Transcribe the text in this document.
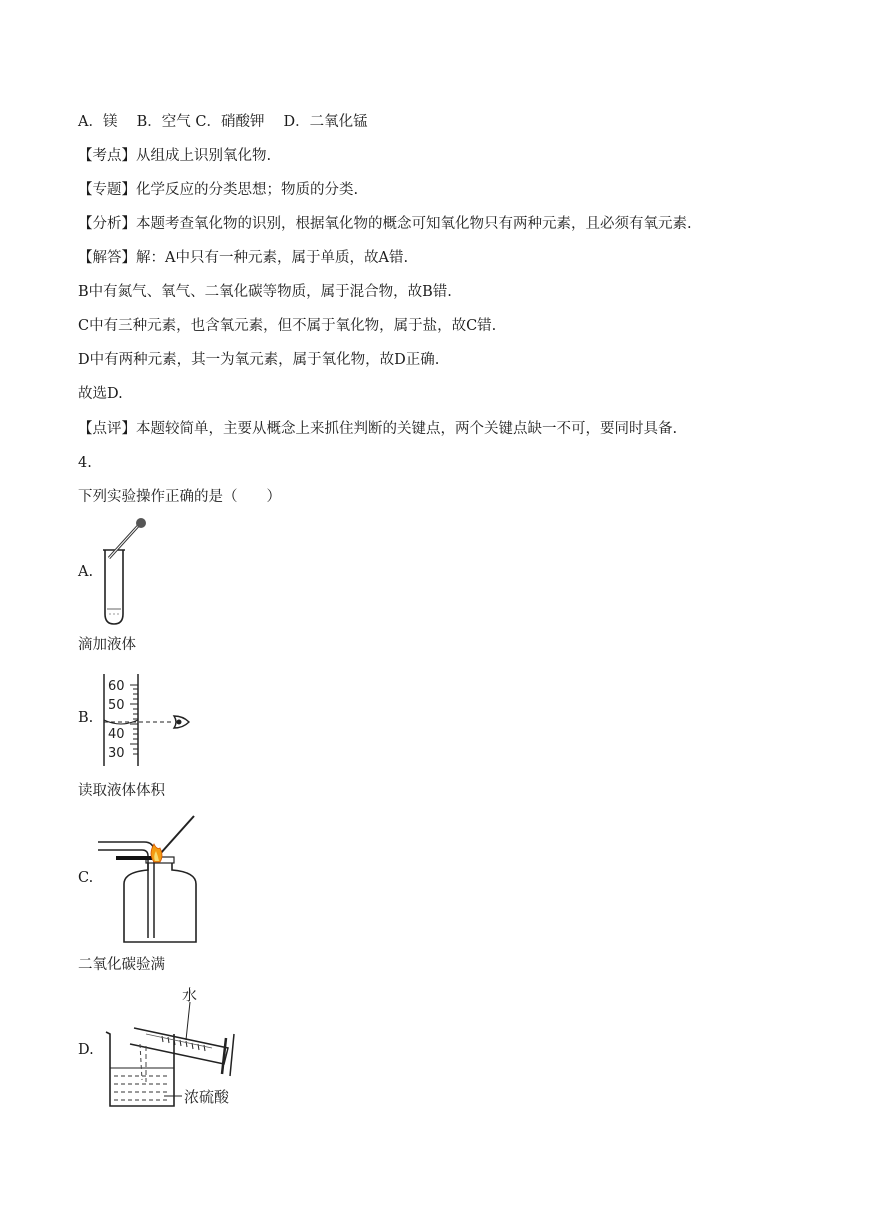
A．镁　 B．空气 C．硝酸钾　 D．二氧化锰
【考点】从组成上识别氧化物.
【专题】化学反应的分类思想；物质的分类.
【分析】本题考查氧化物的识别，根据氧化物的概念可知氧化物只有两种元素，且必须有氧元素.
【解答】解：A中只有一种元素，属于单质，故A错.
B中有氮气、氧气、二氧化碳等物质，属于混合物，故B错.
C中有三种元素，也含氧元素，但不属于氧化物，属于盐，故C错.
D中有两种元素，其一为氧元素，属于氧化物，故D正确.
故选D.
【点评】本题较简单，主要从概念上来抓住判断的关键点，两个关键点缺一不可，要同时具备.
4.
下列实验操作正确的是（　　）
A.
滴加液体
B.
60
50
40
30
读取液体体积
C.
二氧化碳验满
D.
水
浓硫酸
